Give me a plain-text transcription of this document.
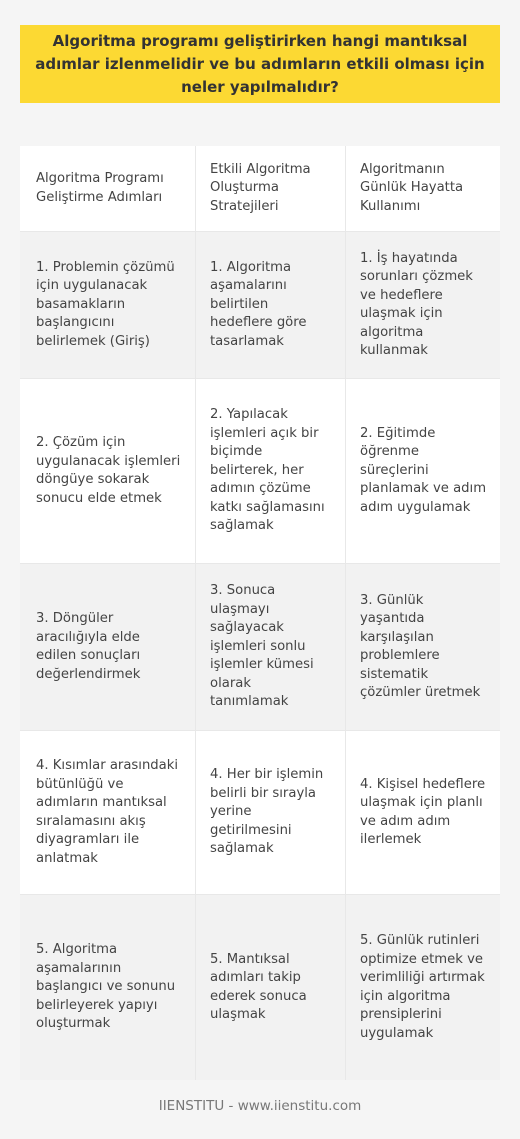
Algoritma programı geliştirirken hangi mantıksal adımlar izlenmelidir ve bu adımların etkili olması için neler yapılmalıdır?
Algoritma Programı Geliştirme Adımları
Etkili Algoritma Oluşturma Stratejileri
Algoritmanın Günlük Hayatta Kullanımı
1. Problemin çözümü için uygulanacak basamakların başlangıcını belirlemek (Giriş)
1. Algoritma aşamalarını belirtilen hedeflere göre tasarlamak
1. İş hayatında sorunları çözmek ve hedeflere ulaşmak için algoritma kullanmak
2. Çözüm için uygulanacak işlemleri döngüye sokarak sonucu elde etmek
2. Yapılacak işlemleri açık bir biçimde belirterek, her adımın çözüme katkı sağlamasını sağlamak
2. Eğitimde öğrenme süreçlerini planlamak ve adım adım uygulamak
3. Döngüler aracılığıyla elde edilen sonuçları değerlendirmek
3. Sonuca ulaşmayı sağlayacak işlemleri sonlu işlemler kümesi olarak tanımlamak
3. Günlük yaşantıda karşılaşılan problemlere sistematik çözümler üretmek
4. Kısımlar arasındaki bütünlüğü ve adımların mantıksal sıralamasını akış diyagramları ile anlatmak
4. Her bir işlemin belirli bir sırayla yerine getirilmesini sağlamak
4. Kişisel hedeflere ulaşmak için planlı ve adım adım ilerlemek
5. Algoritma aşamalarının başlangıcı ve sonunu belirleyerek yapıyı oluşturmak
5. Mantıksal adımları takip ederek sonuca ulaşmak
5. Günlük rutinleri optimize etmek ve verimliliği artırmak için algoritma prensiplerini uygulamak
IIENSTITU - www.iienstitu.com
